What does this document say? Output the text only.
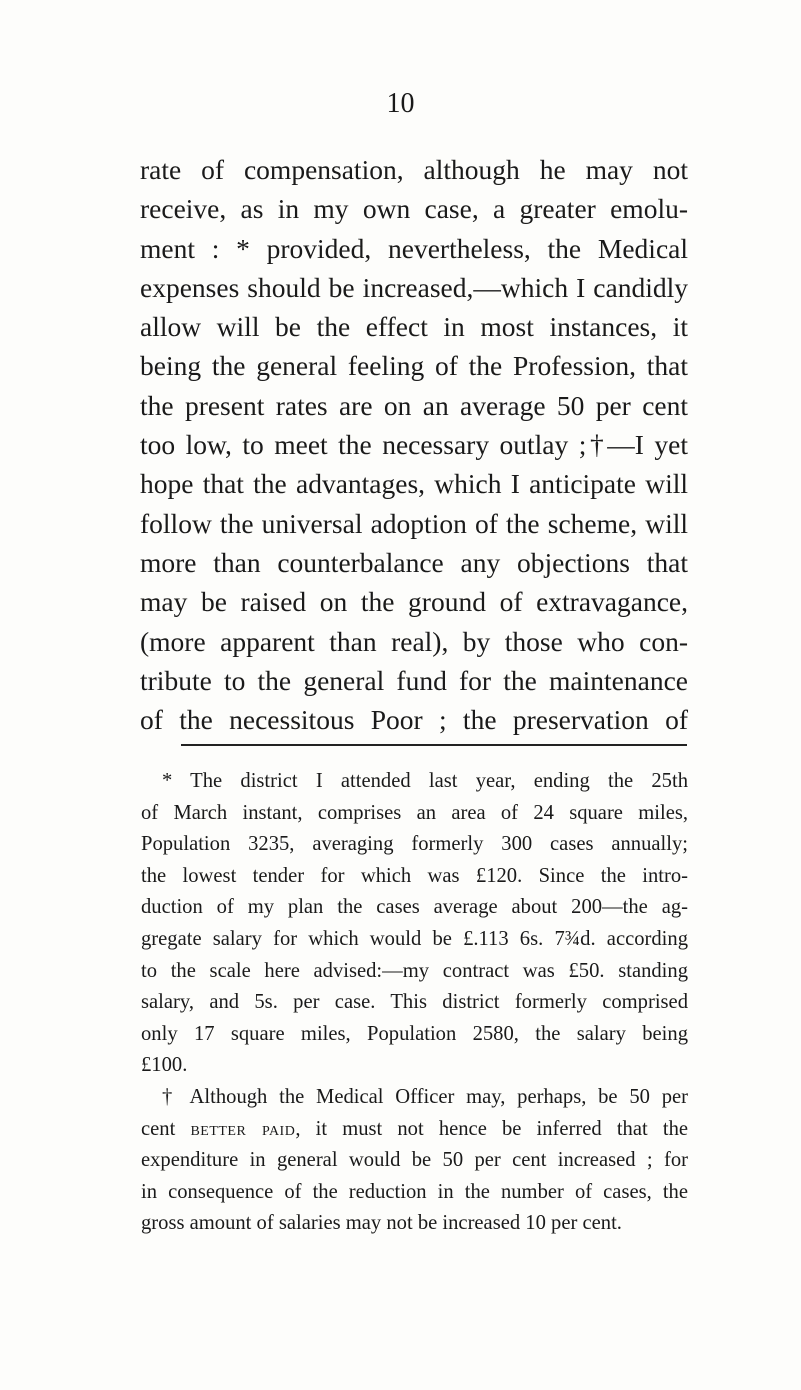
10
rate of compensation, although he may not
receive, as in my own case, a greater emolu-
ment : * provided, nevertheless, the Medical
expenses should be increased,—which I candidly
allow will be the effect in most instances, it
being the general feeling of the Profession, that
the present rates are on an average 50 per cent
too low, to meet the necessary outlay ;†—I yet
hope that the advantages, which I anticipate will
follow the universal adoption of the scheme, will
more than counterbalance any objections that
may be raised on the ground of extravagance,
(more apparent than real), by those who con-
tribute to the general fund for the maintenance
of the necessitous Poor ; the preservation of
* The district I attended last year, ending the 25th
of March instant, comprises an area of 24 square miles,
Population 3235, averaging formerly 300 cases annually;
the lowest tender for which was £120. Since the intro-
duction of my plan the cases average about 200—the ag-
gregate salary for which would be £.113 6s. 7¾d. according
to the scale here advised:—my contract was £50. standing
salary, and 5s. per case. This district formerly comprised
only 17 square miles, Population 2580, the salary being
£100.
† Although the Medical Officer may, perhaps, be 50 per
cent better paid, it must not hence be inferred that the
expenditure in general would be 50 per cent increased ; for
in consequence of the reduction in the number of cases, the
gross amount of salaries may not be increased 10 per cent.
